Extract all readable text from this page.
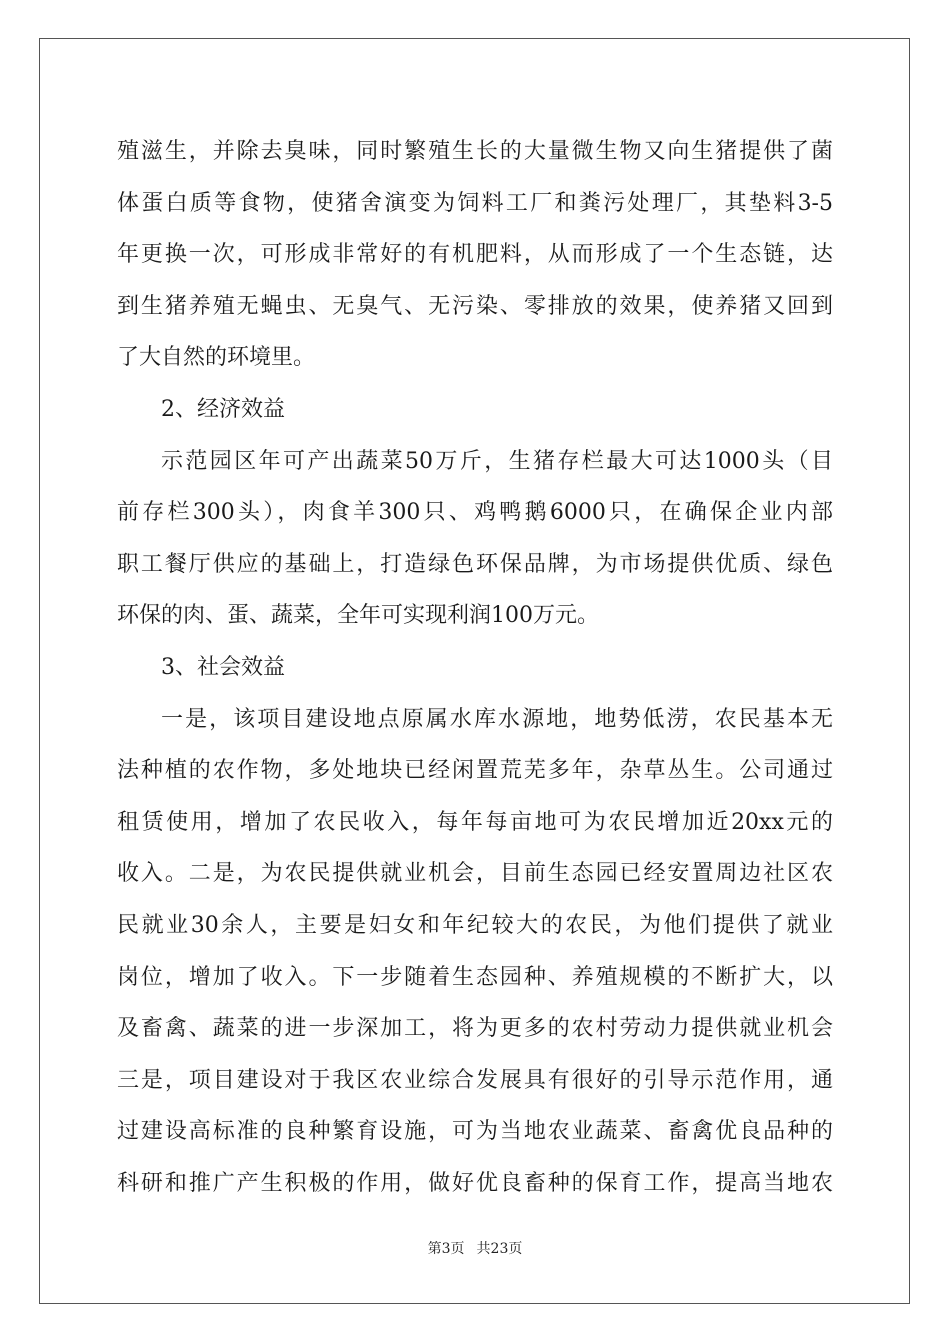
殖滋生，并除去臭味，同时繁殖生长的大量微生物又向生猪提供了菌
体蛋白质等食物，使猪舍演变为饲料工厂和粪污处理厂，其垫料3-5
年更换一次，可形成非常好的有机肥料，从而形成了一个生态链，达
到生猪养殖无蝇虫、无臭气、无污染、零排放的效果，使养猪又回到
了大自然的环境里。
2、经济效益
示范园区年可产出蔬菜50万斤，生猪存栏最大可达1000头（目
前存栏300头），肉食羊300只、鸡鸭鹅6000只，在确保企业内部
职工餐厅供应的基础上，打造绿色环保品牌，为市场提供优质、绿色
环保的肉、蛋、蔬菜，全年可实现利润100万元。
3、社会效益
一是，该项目建设地点原属水库水源地，地势低涝，农民基本无
法种植的农作物，多处地块已经闲置荒芜多年，杂草丛生。公司通过
租赁使用，增加了农民收入，每年每亩地可为农民增加近20xx元的
收入。二是，为农民提供就业机会，目前生态园已经安置周边社区农
民就业30余人，主要是妇女和年纪较大的农民，为他们提供了就业
岗位，增加了收入。下一步随着生态园种、养殖规模的不断扩大，以
及畜禽、蔬菜的进一步深加工，将为更多的农村劳动力提供就业机会
三是，项目建设对于我区农业综合发展具有很好的引导示范作用，通
过建设高标准的良种繁育设施，可为当地农业蔬菜、畜禽优良品种的
科研和推广产生积极的作用，做好优良畜种的保育工作，提高当地农
第3页 共23页
